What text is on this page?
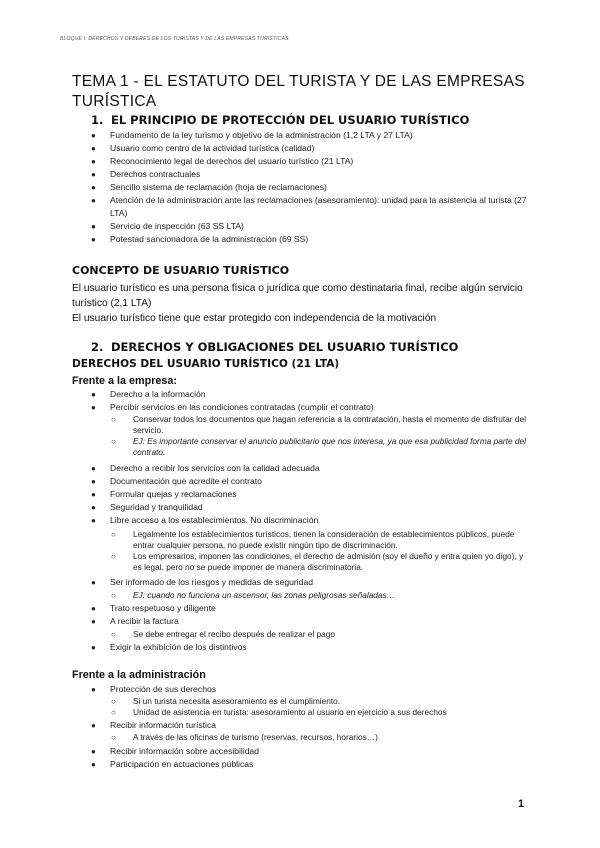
BLOQUE I: DERECHOS Y DEBERES DE LOS TURISTAS Y DE LAS EMPRESAS TURÍSTICAS
TEMA 1 - EL ESTATUTO DEL TURISTA Y DE LAS EMPRESAS TURÍSTICA
1. EL PRINCIPIO DE PROTECCIÓN DEL USUARIO TURÍSTICO
● Fundamento de la ley turismo y objetivo de la administración (1,2 LTA y 27 LTA)
● Usuario como centro de la actividad turística (calidad)
● Reconocimiento legal de derechos del usuario turístico (21 LTA)
● Derechos contractuales
● Sencillo sistema de reclamación (hoja de reclamaciones)
● Atención de la administración ante las reclamaciones (asesoramiento): unidad para la asistencia al turista (27 LTA)
● Servicio de inspección (63 SS LTA)
● Potestad sancionadora de la administración (69 SS)
CONCEPTO DE USUARIO TURÍSTICO
El usuario turístico es una persona física o jurídica que como destinataria final, recibe algún servicio turístico (2,1 LTA)
El usuario turístico tiene que estar protegido con independencia de la motivación
2. DERECHOS Y OBLIGACIONES DEL USUARIO TURÍSTICO
DERECHOS DEL USUARIO TURÍSTICO (21 LTA)
Frente a la empresa:
● Derecho a la información
● Percibir servicios en las condiciones contratadas (cumplir el contrato)
○ Conservar todos los documentos que hagan referencia a la contratación, hasta el momento de disfrutar del servicio.
○ EJ: Es importante conservar el anuncio publicitario que nos interesa, ya que esa publicidad forma parte del contrato.
● Derecho a recibir los servicios con la calidad adecuada
● Documentación que acredite el contrato
● Formular quejas y reclamaciones
● Seguridad y tranquilidad
● Libre acceso a los establecimientos. No discriminación
○ Legalmente los establecimientos turísticos, tienen la consideración de establecimientos públicos, puede entrar cualquier persona, no puede existir ningún tipo de discriminación.
○ Los empresarios, imponen las condiciones, el derecho de admisión (soy el dueño y entra quien yo digo), y es legal, pero no se puede imponer de manera discriminatoria.
● Ser informado de los riesgos y medidas de seguridad
○ EJ: cuando no funciona un ascensor, las zonas peligrosas señaladas…
● Trato respetuoso y diligente
● A recibir la factura
○ Se debe entregar el recibo después de realizar el pago
● Exigir la exhibición de los distintivos
Frente a la administración
● Protección de sus derechos
○ Si un turista necesita asesoramiento es el cumplimiento.
○ Unidad de asistencia en turista: asesoramiento al usuario en ejercicio a sus derechos
● Recibir información turística
○ A través de las oficinas de turismo (reservas, recursos, horarios…)
● Recibir información sobre accesibilidad
● Participación en actuaciones públicas
1
